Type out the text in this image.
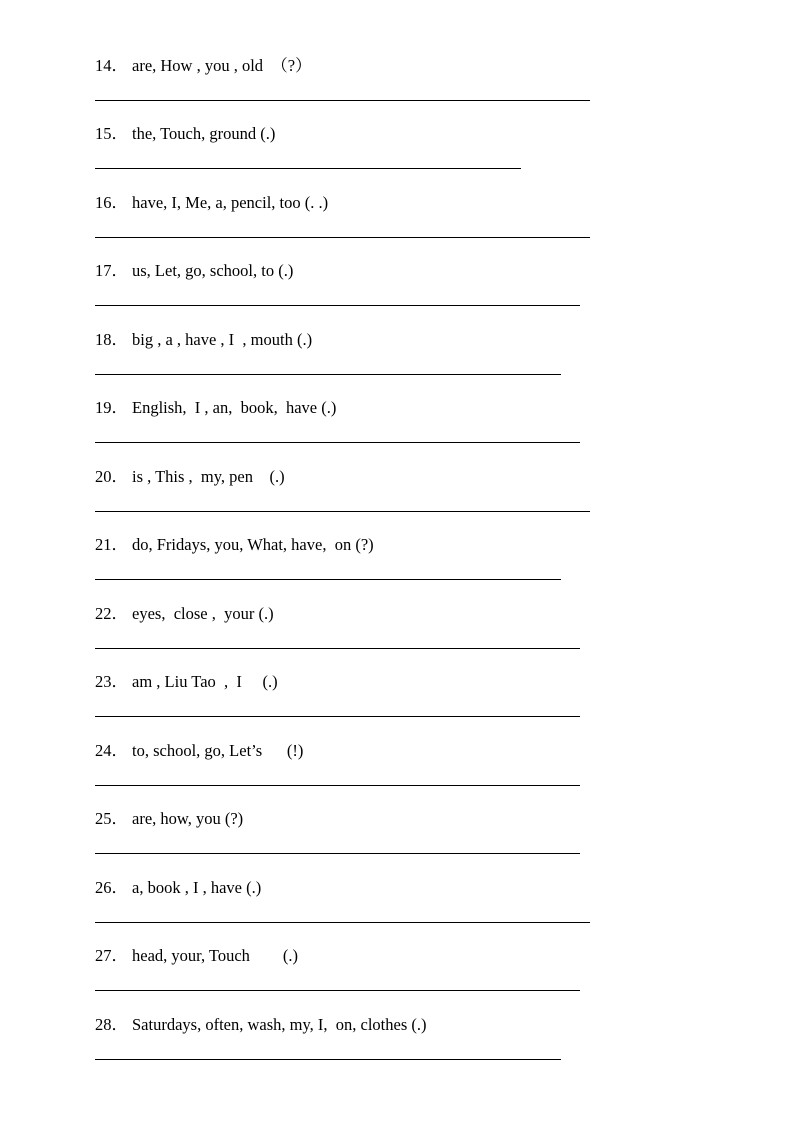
14． are, How , you , old  （?）
15． the, Touch, ground (.)
16． have, I, Me, a, pencil, too (. .)
17． us, Let, go, school, to (.)
18． big , a , have , I  , mouth (.)
19． English,  I , an,  book,  have (.)
20． is , This ,  my, pen    (.)
21． do, Fridays, you, What, have,  on (?)
22． eyes,  close ,  your (.)
23． am , Liu Tao  ,  I     (.)
24． to, school, go, Let’s      (!)
25． are, how, you (?)
26． a, book , I , have (.)
27． head, your, Touch        (.)
28． Saturdays, often, wash, my, I,  on, clothes (.)
